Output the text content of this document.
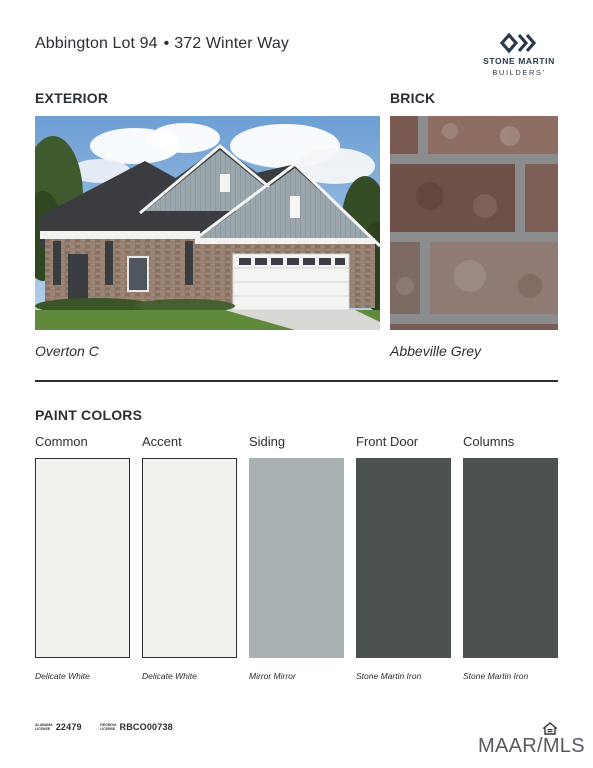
Abbington Lot 94 • 372 Winter Way
STONE MARTIN
BUILDERS'
EXTERIOR	BRICK
Overton C	Abbeville Grey
PAINT COLORS
Common	Accent	Siding	Front Door	Columns
Delicate White	Delicate White	Mirror Mirror	Stone Martin Iron	Stone Martin Iron
ALABAMA
LICENSE 22479	GEORGIA
LICENSE RBCO00738
MAAR/MLS
